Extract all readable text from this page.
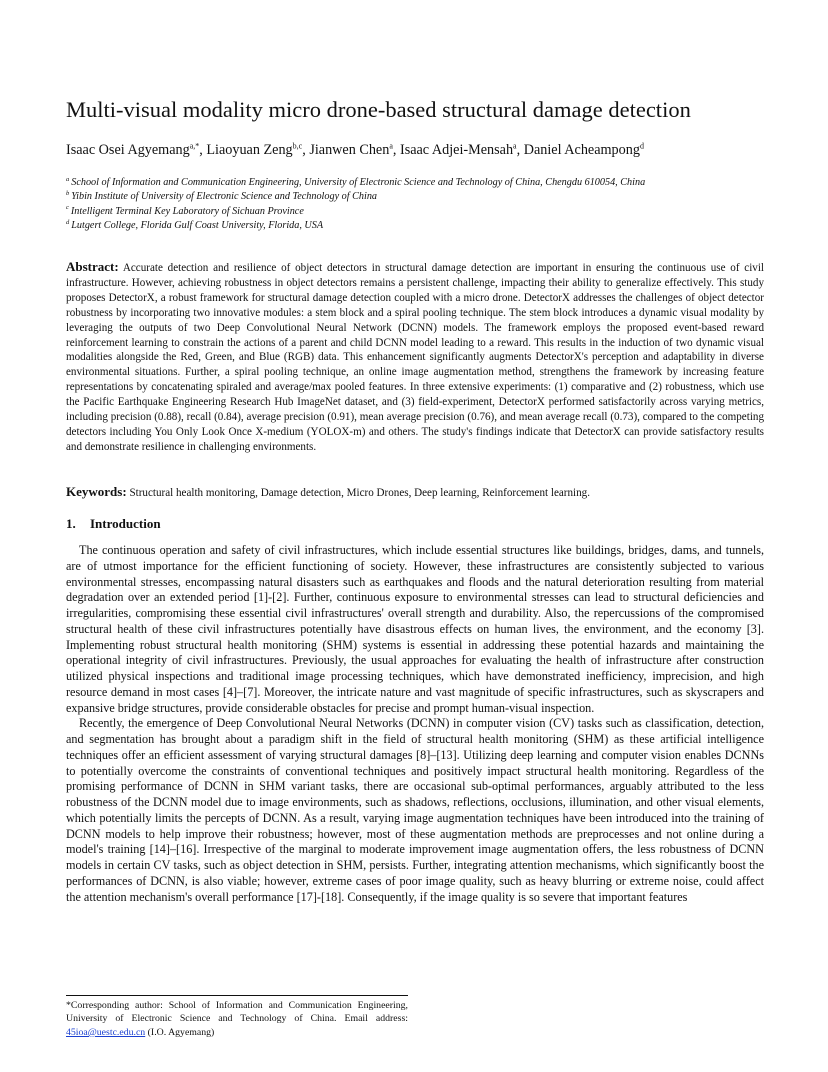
Multi-visual modality micro drone-based structural damage detection
Isaac Osei Agyemang$^{a,*}$, Liaoyuan Zeng$^{b,c}$, Jianwen Chen$^a$, Isaac Adjei-Mensah$^a$, Daniel Acheampong$^d$
$^a$ School of Information and Communication Engineering, University of Electronic Science and Technology of China, Chengdu 610054, China
$^b$ Yibin Institute of University of Electronic Science and Technology of China
$^c$ Intelligent Terminal Key Laboratory of Sichuan Province
$^d$ Lutgert College, Florida Gulf Coast University, Florida, USA
Abstract: Accurate detection and resilience of object detectors in structural damage detection are important in ensuring the continuous use of civil infrastructure. However, achieving robustness in object detectors remains a persistent challenge, impacting their ability to generalize effectively. This study proposes DetectorX, a robust framework for structural damage detection coupled with a micro drone. DetectorX addresses the challenges of object detector robustness by incorporating two innovative modules: a stem block and a spiral pooling technique. The stem block introduces a dynamic visual modality by leveraging the outputs of two Deep Convolutional Neural Network (DCNN) models. The framework employs the proposed event-based reward reinforcement learning to constrain the actions of a parent and child DCNN model leading to a reward. This results in the induction of two dynamic visual modalities alongside the Red, Green, and Blue (RGB) data. This enhancement significantly augments DetectorX's perception and adaptability in diverse environmental situations. Further, a spiral pooling technique, an online image augmentation method, strengthens the framework by increasing feature representations by concatenating spiraled and average/max pooled features. In three extensive experiments: (1) comparative and (2) robustness, which use the Pacific Earthquake Engineering Research Hub ImageNet dataset, and (3) field-experiment, DetectorX performed satisfactorily across varying metrics, including precision (0.88), recall (0.84), average precision (0.91), mean average precision (0.76), and mean average recall (0.73), compared to the competing detectors including You Only Look Once X-medium (YOLOX-m) and others. The study's findings indicate that DetectorX can provide satisfactory results and demonstrate resilience in challenging environments.
Keywords: Structural health monitoring, Damage detection, Micro Drones, Deep learning, Reinforcement learning.
1. Introduction

The continuous operation and safety of civil infrastructures, which include essential structures like buildings, bridges, dams, and tunnels, are of utmost importance for the efficient functioning of society. However, these infrastructures are consistently subjected to various environmental stresses, encompassing natural disasters such as earthquakes and floods and the natural deterioration resulting from material degradation over an extended period [1]-[2]. Further, continuous exposure to environmental stresses can lead to structural deficiencies and irregularities, compromising these essential civil infrastructures' overall strength and durability. Also, the repercussions of the compromised structural health of these civil infrastructures potentially have disastrous effects on human lives, the environment, and the economy [3]. Implementing robust structural health monitoring (SHM) systems is essential in addressing these potential hazards and maintaining the operational integrity of civil infrastructures. Previously, the usual approaches for evaluating the health of infrastructure after construction utilized physical inspections and traditional image processing techniques, which have demonstrated inefficiency, imprecision, and high resource demand in most cases [4]–[7]. Moreover, the intricate nature and vast magnitude of specific infrastructures, such as skyscrapers and expansive bridge structures, provide considerable obstacles for precise and prompt human-visual inspection.

Recently, the emergence of Deep Convolutional Neural Networks (DCNN) in computer vision (CV) tasks such as classification, detection, and segmentation has brought about a paradigm shift in the field of structural health monitoring (SHM) as these artificial intelligence techniques offer an efficient assessment of varying structural damages [8]–[13]. Utilizing deep learning and computer vision enables DCNNs to potentially overcome the constraints of conventional techniques and positively impact structural health monitoring. Regardless of the promising performance of DCNN in SHM variant tasks, there are occasional sub-optimal performances, arguably attributed to the less robustness of the DCNN model due to image environments, such as shadows, reflections, occlusions, illumination, and other visual elements, which potentially limits the percepts of DCNN. As a result, varying image augmentation techniques have been introduced into the training of DCNN models to help improve their robustness; however, most of these augmentation methods are preprocesses and not online during a model's training [14]–[16]. Irrespective of the marginal to moderate improvement image augmentation offers, the less robustness of DCNN models in certain CV tasks, such as object detection in SHM, persists. Further, integrating attention mechanisms, which significantly boost the performances of DCNN, is also viable; however, extreme cases of poor image quality, such as heavy blurring or extreme noise, could affect the attention mechanism's overall performance [17]-[18]. Consequently, if the image quality is so severe that important features

*Corresponding author: School of Information and Communication Engineering, University of Electronic Science and Technology of China. Email address: 45ioa@uestc.edu.cn (I.O. Agyemang)
